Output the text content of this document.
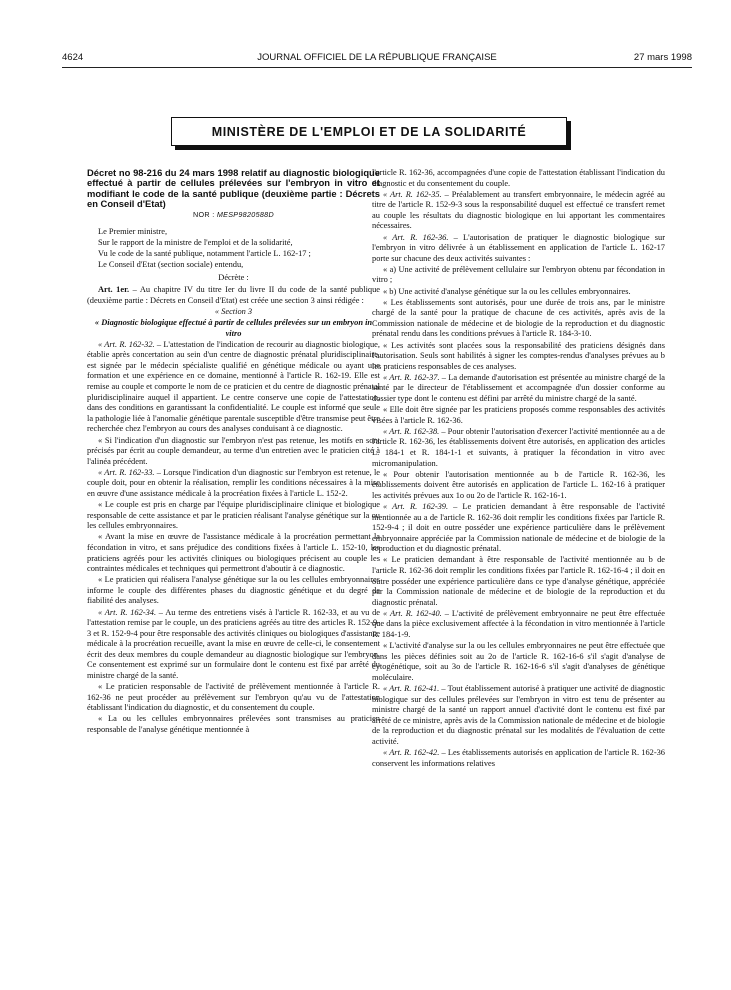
4624	JOURNAL OFFICIEL DE LA RÉPUBLIQUE FRANÇAISE	27 mars 1998
MINISTÈRE DE L'EMPLOI ET DE LA SOLIDARITÉ

Décret no 98-216 du 24 mars 1998 relatif au diagnostic biologique effectué à partir de cellules prélevées sur l'embryon in vitro et modifiant le code de la santé publique (deuxième partie : Décrets en Conseil d'Etat)

NOR : MESP9820588D

Le Premier ministre,

Sur le rapport de la ministre de l'emploi et de la solidarité,

Vu le code de la santé publique, notamment l'article L. 162-17 ;

Le Conseil d'Etat (section sociale) entendu,

Décrète :

Art. 1er. – Au chapitre IV du titre Ier du livre II du code de la santé publique (deuxième partie : Décrets en Conseil d'Etat) est créée une section 3 ainsi rédigée :

« Section 3

« Diagnostic biologique effectué à partir de cellules prélevées sur un embryon in vitro

« Art. R. 162-32. – L'attestation de l'indication de recourir au diagnostic biologique, établie après concertation au sein d'un centre de diagnostic prénatal pluridisciplinaire, est signée par le médecin spécialiste qualifié en génétique médicale ou ayant une formation et une expérience en ce domaine, mentionné à l'article R. 162-19. Elle est remise au couple et comporte le nom de ce praticien et du centre de diagnostic prénatal pluridisciplinaire auquel il appartient. Le centre conserve une copie de l'attestation, dans des conditions en garantissant la confidentialité. Le couple est informé que seule la pathologie liée à l'anomalie génétique parentale susceptible d'être transmise peut être recherchée chez l'embryon au cours des analyses conduisant à ce diagnostic.

« Si l'indication d'un diagnostic sur l'embryon n'est pas retenue, les motifs en sont précisés par écrit au couple demandeur, au terme d'un entretien avec le praticien cité à l'alinéa précédent.

« Art. R. 162-33. – Lorsque l'indication d'un diagnostic sur l'embryon est retenue, le couple doit, pour en obtenir la réalisation, remplir les conditions nécessaires à la mise en œuvre d'une assistance médicale à la procréation fixées à l'article L. 152-2.

« Le couple est pris en charge par l'équipe pluridisciplinaire clinique et biologique responsable de cette assistance et par le praticien réalisant l'analyse génétique sur la ou les cellules embryonnaires.

« Avant la mise en œuvre de l'assistance médicale à la procréation permettant la fécondation in vitro, et sans préjudice des conditions fixées à l'article L. 152-10, les praticiens agréés pour les activités cliniques ou biologiques précisent au couple les contraintes médicales et techniques qui permettront d'aboutir à ce diagnostic.

« Le praticien qui réalisera l'analyse génétique sur la ou les cellules embryonnaires informe le couple des différentes phases du diagnostic génétique et du degré de fiabilité des analyses.

« Art. R. 162-34. – Au terme des entretiens visés à l'article R. 162-33, et au vu de l'attestation remise par le couple, un des praticiens agréés au titre des articles R. 152-9-3 et R. 152-9-4 pour être responsable des activités cliniques ou biologiques d'assistance médicale à la procréation recueille, avant la mise en œuvre de celle-ci, le consentement écrit des deux membres du couple demandeur au diagnostic biologique sur l'embryon. Ce consentement est exprimé sur un formulaire dont le contenu est fixé par arrêté du ministre chargé de la santé.

« Le praticien responsable de l'activité de prélèvement mentionnée à l'article R. 162-36 ne peut procéder au prélèvement sur l'embryon qu'au vu de l'attestation établissant l'indication du diagnostic, et du consentement du couple.

« La ou les cellules embryonnaires prélevées sont transmises au praticien responsable de l'analyse génétique mentionnée à

l'article R. 162-36, accompagnées d'une copie de l'attestation établissant l'indication du diagnostic et du consentement du couple.

« Art. R. 162-35. – Préalablement au transfert embryonnaire, le médecin agréé au titre de l'article R. 152-9-3 sous la responsabilité duquel est effectué ce transfert remet au couple les résultats du diagnostic biologique en lui apportant les commentaires nécessaires.

« Art. R. 162-36. – L'autorisation de pratiquer le diagnostic biologique sur l'embryon in vitro délivrée à un établissement en application de l'article L. 162-17 porte sur chacune des deux activités suivantes :

« a) Une activité de prélèvement cellulaire sur l'embryon obtenu par fécondation in vitro ;

« b) Une activité d'analyse génétique sur la ou les cellules embryonnaires.

« Les établissements sont autorisés, pour une durée de trois ans, par le ministre chargé de la santé pour la pratique de chacune de ces activités, après avis de la Commission nationale de médecine et de biologie de la reproduction et du diagnostic prénatal rendu dans les conditions prévues à l'article R. 184-3-10.

« Les activités sont placées sous la responsabilité des praticiens désignés dans l'autorisation. Seuls sont habilités à signer les comptes-rendus d'analyses prévues au b les praticiens responsables de ces analyses.

« Art. R. 162-37. – La demande d'autorisation est présentée au ministre chargé de la santé par le directeur de l'établissement et accompagnée d'un dossier conforme au dossier type dont le contenu est défini par arrêté du ministre chargé de la santé.

« Elle doit être signée par les praticiens proposés comme responsables des activités visées à l'article R. 162-36.

« Art. R. 162-38. – Pour obtenir l'autorisation d'exercer l'activité mentionnée au a de l'article R. 162-36, les établissements doivent être autorisés, en application des articles L. 184-1 et R. 184-1-1 et suivants, à pratiquer la fécondation in vitro avec micromanipulation.

« Pour obtenir l'autorisation mentionnée au b de l'article R. 162-36, les établissements doivent être autorisés en application de l'article L. 162-16 à pratiquer les activités prévues aux 1o ou 2o de l'article R. 162-16-1.

« Art. R. 162-39. – Le praticien demandant à être responsable de l'activité mentionnée au a de l'article R. 162-36 doit remplir les conditions fixées par l'article R. 152-9-4 ; il doit en outre posséder une expérience particulière dans le prélèvement embryonnaire appréciée par la Commission nationale de médecine et de biologie de la reproduction et du diagnostic prénatal.

« Le praticien demandant à être responsable de l'activité mentionnée au b de l'article R. 162-36 doit remplir les conditions fixées par l'article R. 162-16-4 ; il doit en outre posséder une expérience particulière dans ce type d'analyse génétique, appréciée par la Commission nationale de médecine et de biologie de la reproduction et du diagnostic prénatal.

« Art. R. 162-40. – L'activité de prélèvement embryonnaire ne peut être effectuée que dans la pièce exclusivement affectée à la fécondation in vitro mentionnée à l'article R. 184-1-9.

« L'activité d'analyse sur la ou les cellules embryonnaires ne peut être effectuée que dans les pièces définies soit au 2o de l'article R. 162-16-6 s'il s'agit d'analyse de cytogénétique, soit au 3o de l'article R. 162-16-6 s'il s'agit d'analyses de génétique moléculaire.

« Art. R. 162-41. – Tout établissement autorisé à pratiquer une activité de diagnostic biologique sur des cellules prélevées sur l'embryon in vitro est tenu de présenter au ministre chargé de la santé un rapport annuel d'activité dont le contenu est fixé par arrêté de ce ministre, après avis de la Commission nationale de médecine et de biologie de la reproduction et du diagnostic prénatal sur les modalités de l'évaluation de cette activité.

« Art. R. 162-42. – Les établissements autorisés en application de l'article R. 162-36 conservent les informations relatives
